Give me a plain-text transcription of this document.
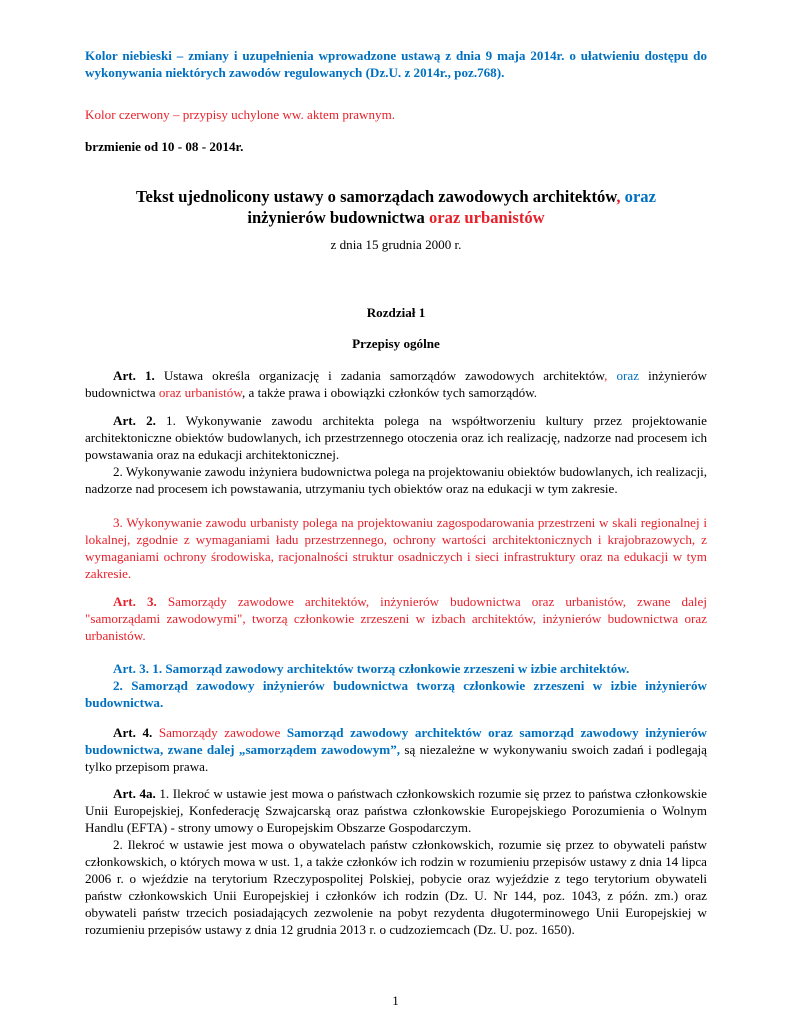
Kolor niebieski – zmiany i uzupełnienia wprowadzone ustawą z dnia 9 maja 2014r. o ułatwieniu dostępu do wykonywania niektórych zawodów regulowanych (Dz.U. z 2014r., poz.768).

Kolor czerwony – przypisy uchylone ww. aktem prawnym.

brzmienie od 10 - 08 - 2014r.

Tekst ujednolicony ustawy o samorządach zawodowych architektów, oraz inżynierów budownictwa oraz urbanistów

z dnia 15 grudnia 2000 r.

Rozdział 1

Przepisy ogólne

Art. 1. Ustawa określa organizację i zadania samorządów zawodowych architektów, oraz inżynierów budownictwa oraz urbanistów, a także prawa i obowiązki członków tych samorządów.

Art. 2. 1. Wykonywanie zawodu architekta polega na współtworzeniu kultury przez projektowanie architektoniczne obiektów budowlanych, ich przestrzennego otoczenia oraz ich realizację, nadzorze nad procesem ich powstawania oraz na edukacji architektonicznej.

2. Wykonywanie zawodu inżyniera budownictwa polega na projektowaniu obiektów budowlanych, ich realizacji, nadzorze nad procesem ich powstawania, utrzymaniu tych obiektów oraz na edukacji w tym zakresie.

3. Wykonywanie zawodu urbanisty polega na projektowaniu zagospodarowania przestrzeni w skali regionalnej i lokalnej, zgodnie z wymaganiami ładu przestrzennego, ochrony wartości architektonicznych i krajobrazowych, z wymaganiami ochrony środowiska, racjonalności struktur osadniczych i sieci infrastruktury oraz na edukacji w tym zakresie.

Art. 3. Samorządy zawodowe architektów, inżynierów budownictwa oraz urbanistów, zwane dalej "samorządami zawodowymi", tworzą członkowie zrzeszeni w izbach architektów, inżynierów budownictwa oraz urbanistów.

Art. 3. 1. Samorząd zawodowy architektów tworzą członkowie zrzeszeni w izbie architektów.

2. Samorząd zawodowy inżynierów budownictwa tworzą członkowie zrzeszeni w izbie inżynierów budownictwa.

Art. 4. Samorządy zawodowe Samorząd zawodowy architektów oraz samorząd zawodowy inżynierów budownictwa, zwane dalej „samorządem zawodowym”, są niezależne w wykonywaniu swoich zadań i podlegają tylko przepisom prawa.

Art. 4a. 1. Ilekroć w ustawie jest mowa o państwach członkowskich rozumie się przez to państwa członkowskie Unii Europejskiej, Konfederację Szwajcarską oraz państwa członkowskie Europejskiego Porozumienia o Wolnym Handlu (EFTA) - strony umowy o Europejskim Obszarze Gospodarczym.

2. Ilekroć w ustawie jest mowa o obywatelach państw członkowskich, rozumie się przez to obywateli państw członkowskich, o których mowa w ust. 1, a także członków ich rodzin w rozumieniu przepisów ustawy z dnia 14 lipca 2006 r. o wjeździe na terytorium Rzeczypospolitej Polskiej, pobycie oraz wyjeździe z tego terytorium obywateli państw członkowskich Unii Europejskiej i członków ich rodzin (Dz. U. Nr 144, poz. 1043, z późn. zm.) oraz obywateli państw trzecich posiadających zezwolenie na pobyt rezydenta długoterminowego Unii Europejskiej w rozumieniu przepisów ustawy z dnia 12 grudnia 2013 r. o cudzoziemcach (Dz. U. poz. 1650).

1
